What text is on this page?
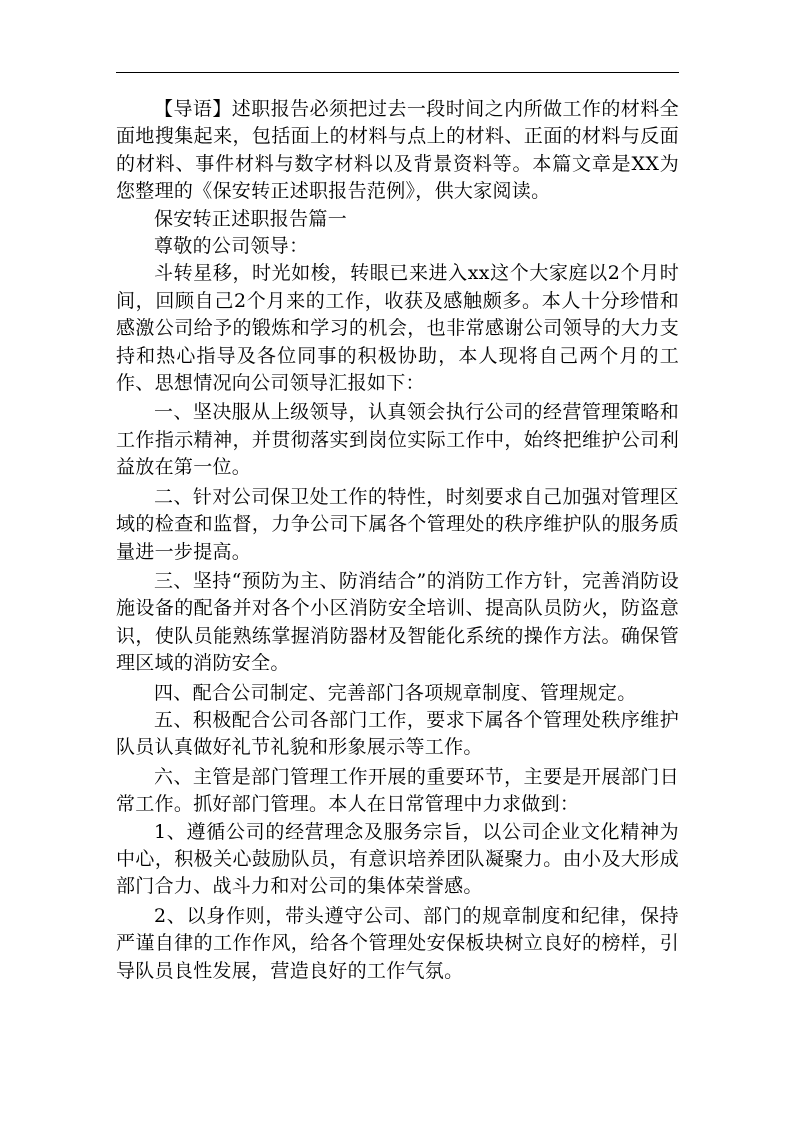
【导语】述职报告必须把过去一段时间之内所做工作的材料全面地搜集起来，包括面上的材料与点上的材料、正面的材料与反面的材料、事件材料与数字材料以及背景资料等。本篇文章是XX为您整理的《保安转正述职报告范例》，供大家阅读。

保安转正述职报告篇一

尊敬的公司领导：

斗转星移，时光如梭，转眼已来进入xx这个大家庭以2个月时间，回顾自己2个月来的工作，收获及感触颇多。本人十分珍惜和感激公司给予的锻炼和学习的机会，也非常感谢公司领导的大力支持和热心指导及各位同事的积极协助，本人现将自己两个月的工作、思想情况向公司领导汇报如下：

一、坚决服从上级领导，认真领会执行公司的经营管理策略和工作指示精神，并贯彻落实到岗位实际工作中，始终把维护公司利益放在第一位。

二、针对公司保卫处工作的特性，时刻要求自己加强对管理区域的检查和监督，力争公司下属各个管理处的秩序维护队的服务质量进一步提高。

三、坚持“预防为主、防消结合”的消防工作方针，完善消防设施设备的配备并对各个小区消防安全培训、提高队员防火，防盗意识，使队员能熟练掌握消防器材及智能化系统的操作方法。确保管理区域的消防安全。

四、配合公司制定、完善部门各项规章制度、管理规定。

五、积极配合公司各部门工作，要求下属各个管理处秩序维护队员认真做好礼节礼貌和形象展示等工作。

六、主管是部门管理工作开展的重要环节，主要是开展部门日常工作。抓好部门管理。本人在日常管理中力求做到：

1、遵循公司的经营理念及服务宗旨，以公司企业文化精神为中心，积极关心鼓励队员，有意识培养团队凝聚力。由小及大形成部门合力、战斗力和对公司的集体荣誉感。

2、以身作则，带头遵守公司、部门的规章制度和纪律，保持严谨自律的工作作风，给各个管理处安保板块树立良好的榜样，引导队员良性发展，营造良好的工作气氛。
